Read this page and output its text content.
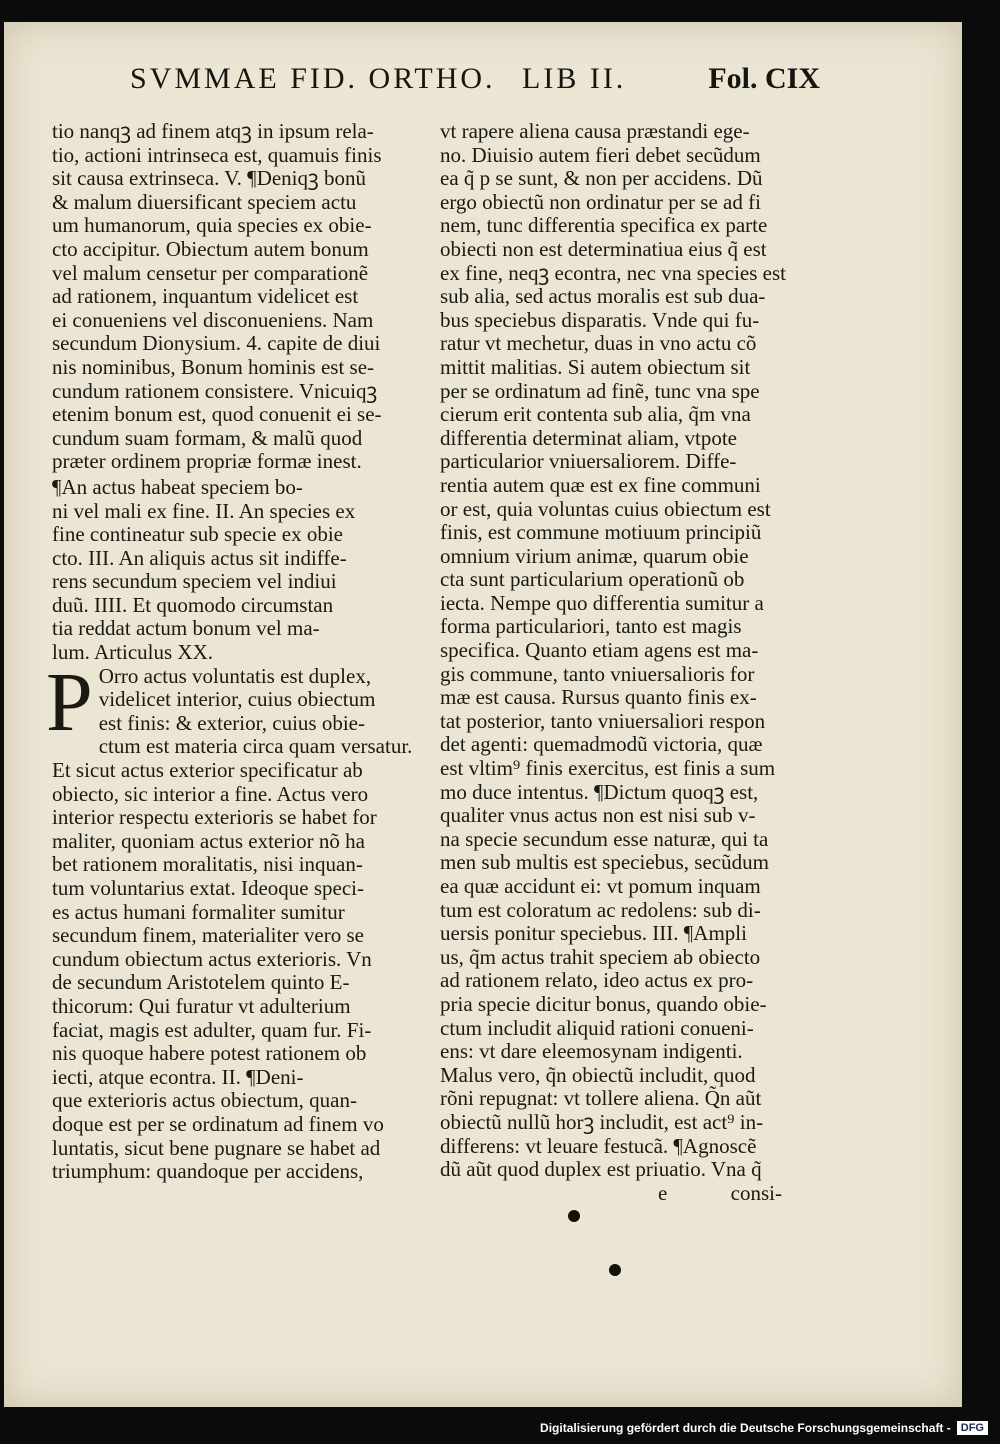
SVMMAE FID. ORTHO. LIB II.	Fol. CIX
tio nanqꝫ ad finem atqꝫ in ipsum rela-
tio, actioni intrinseca est, quamuis finis
sit causa extrinseca. V. ¶Deniqꝫ bonũ
& malum diuersificant speciem actu
um humanorum, quia species ex obie-
cto accipitur. Obiectum autem bonum
vel malum censetur per comparationẽ
ad rationem, inquantum videlicet est
ei conueniens vel disconueniens. Nam
secundum Dionysium. 4. capite de diui
nis nominibus, Bonum hominis est se-
cundum rationem consistere. Vnicuiqꝫ
etenim bonum est, quod conuenit ei se-
cundum suam formam, & malũ quod
præter ordinem propriæ formæ inest.
¶An actus habeat speciem bo-
ni vel mali ex fine. II. An species ex
fine contineatur sub specie ex obie
cto. III. An aliquis actus sit indiffe-
rens secundum speciem vel indiui
duũ. IIII. Et quomodo circumstan
tia reddat actum bonum vel ma-
lum. Articulus XX.
P Orro actus voluntatis est duplex,
videlicet interior, cuius obiectum
est finis: & exterior, cuius obie-
ctum est materia circa quam versatur.
Et sicut actus exterior specificatur ab
obiecto, sic interior a fine. Actus vero
interior respectu exterioris se habet for
maliter, quoniam actus exterior nõ ha
bet rationem moralitatis, nisi inquan-
tum voluntarius extat. Ideoque speci-
es actus humani formaliter sumitur
secundum finem, materialiter vero se
cundum obiectum actus exterioris. Vn
de secundum Aristotelem quinto E-
thicorum: Qui furatur vt adulterium
faciat, magis est adulter, quam fur. Fi-
nis quoque habere potest rationem ob
iecti, atque econtra. II. ¶Deni-
que exterioris actus obiectum, quan-
doque est per se ordinatum ad finem vo
luntatis, sicut bene pugnare se habet ad
triumphum: quandoque per accidens,
vt rapere aliena causa præstandi ege-
no. Diuisio autem fieri debet secũdum
ea q̃ p se sunt, & non per accidens. Dũ
ergo obiectũ non ordinatur per se ad fi
nem, tunc differentia specifica ex parte
obiecti non est determinatiua eius q̃ est
ex fine, neqꝫ econtra, nec vna species est
sub alia, sed actus moralis est sub dua-
bus speciebus disparatis. Vnde qui fu-
ratur vt mechetur, duas in vno actu cõ
mittit malitias. Si autem obiectum sit
per se ordinatum ad finẽ, tunc vna spe
cierum erit contenta sub alia, q̃m vna
differentia determinat aliam, vtpote
particularior vniuersaliorem. Diffe-
rentia autem quæ est ex fine communi
or est, quia voluntas cuius obiectum est
finis, est commune motiuum principiũ
omnium virium animæ, quarum obie
cta sunt particularium operationũ ob
iecta. Nempe quo differentia sumitur a
forma particulariori, tanto est magis
specifica. Quanto etiam agens est ma-
gis commune, tanto vniuersalioris for
mæ est causa. Rursus quanto finis ex-
tat posterior, tanto vniuersaliori respon
det agenti: quemadmodũ victoria, quæ
est vltim⁹ finis exercitus, est finis a sum
mo duce intentus. ¶Dictum quoqꝫ est,
qualiter vnus actus non est nisi sub v-
na specie secundum esse naturæ, qui ta
men sub multis est speciebus, secũdum
ea quæ accidunt ei: vt pomum inquam
tum est coloratum ac redolens: sub di-
uersis ponitur speciebus. III. ¶Ampli
us, q̃m actus trahit speciem ab obiecto
ad rationem relato, ideo actus ex pro-
pria specie dicitur bonus, quando obie-
ctum includit aliquid rationi conueni-
ens: vt dare eleemosynam indigenti.
Malus vero, q̃n obiectũ includit, quod
rõni repugnat: vt tollere aliena. Q̃n aũt
obiectũ nullũ horꝫ includit, est act⁹ in-
differens: vt leuare festucã. ¶Agnoscẽ
dũ aũt quod duplex est priuatio. Vna q̃
e	consi-
Digitalisierung gefördert durch die Deutsche Forschungsgemeinschaft - DFG
